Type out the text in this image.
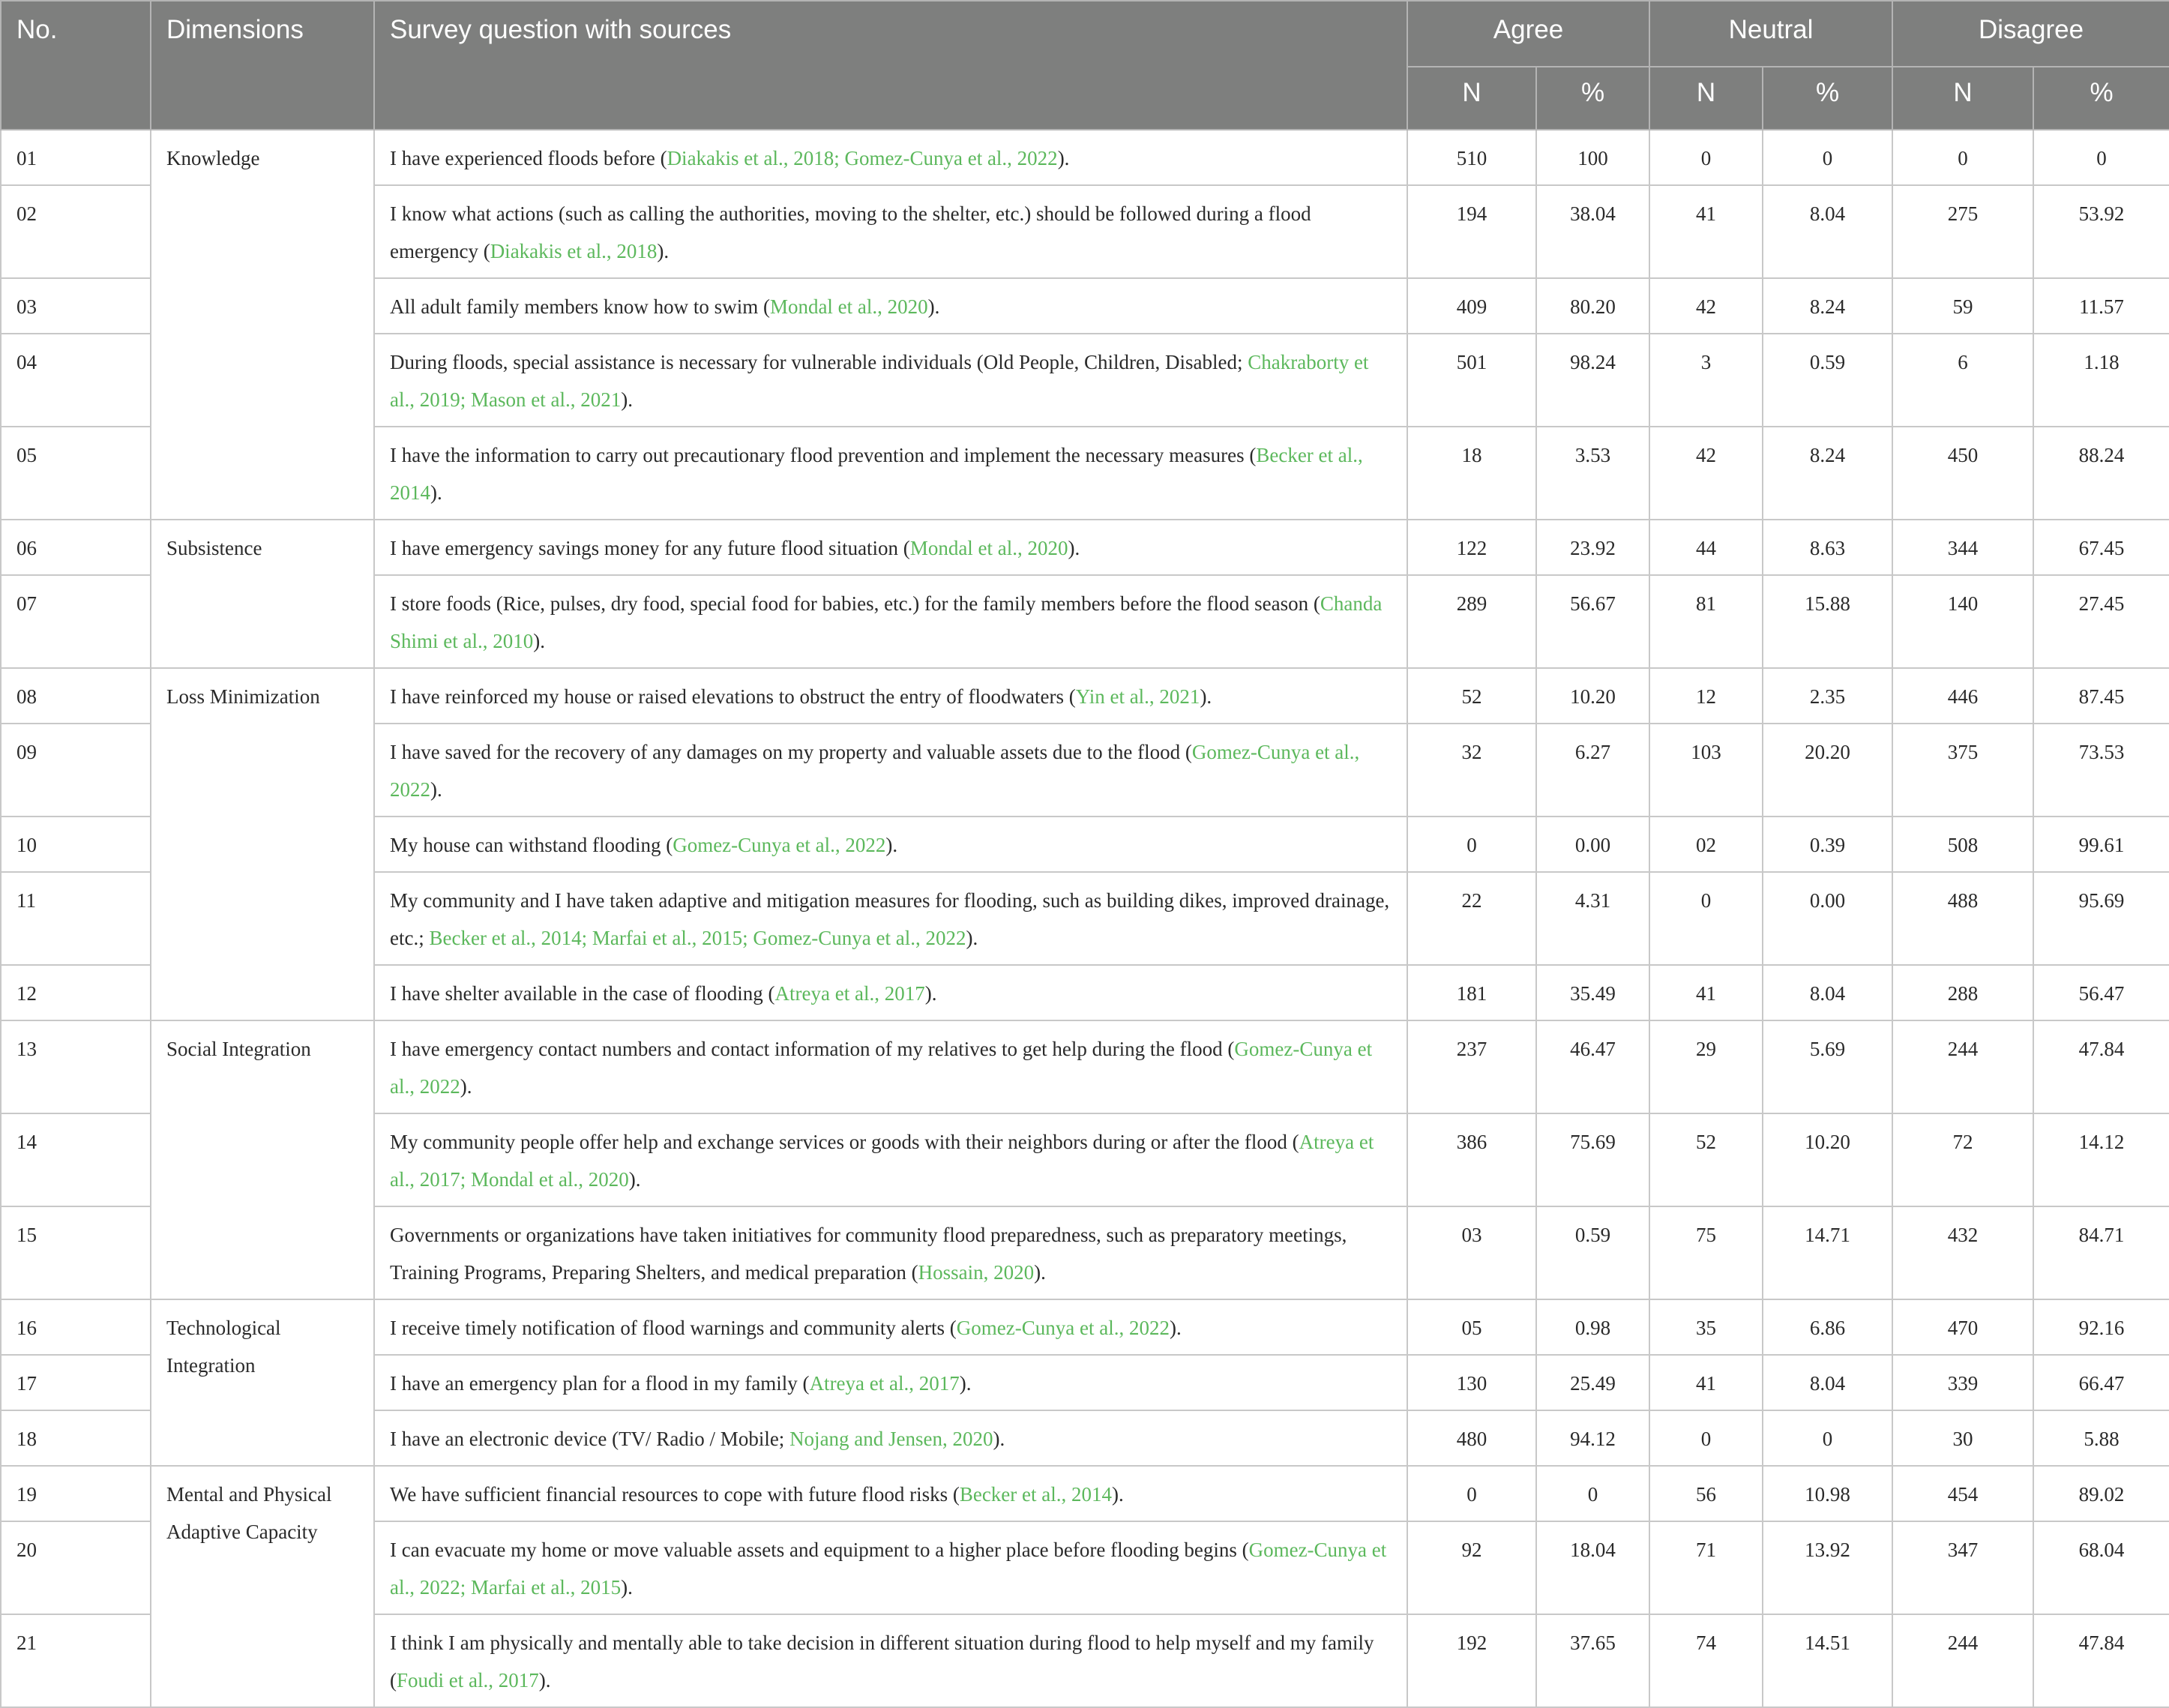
No.	Dimensions	Survey question with sources	Agree		Neutral		Disagree	
			N	%	N	%	N	%
01	Knowledge	I have experienced floods before (Diakakis et al., 2018; Gomez-Cunya et al., 2022).	510	100	0	0	0	0
02		I know what actions (such as calling the authorities, moving to the shelter, etc.) should be followed during a flood emergency (Diakakis et al., 2018).	194	38.04	41	8.04	275	53.92
03		All adult family members know how to swim (Mondal et al., 2020).	409	80.20	42	8.24	59	11.57
04		During floods, special assistance is necessary for vulnerable individuals (Old People, Children, Disabled; Chakraborty et al., 2019; Mason et al., 2021).	501	98.24	3	0.59	6	1.18
05		I have the information to carry out precautionary flood prevention and implement the necessary measures (Becker et al., 2014).	18	3.53	42	8.24	450	88.24
06	Subsistence	I have emergency savings money for any future flood situation (Mondal et al., 2020).	122	23.92	44	8.63	344	67.45
07		I store foods (Rice, pulses, dry food, special food for babies, etc.) for the family members before the flood season (Chanda Shimi et al., 2010).	289	56.67	81	15.88	140	27.45
08	Loss Minimization	I have reinforced my house or raised elevations to obstruct the entry of floodwaters (Yin et al., 2021).	52	10.20	12	2.35	446	87.45
09		I have saved for the recovery of any damages on my property and valuable assets due to the flood (Gomez-Cunya et al., 2022).	32	6.27	103	20.20	375	73.53
10		My house can withstand flooding (Gomez-Cunya et al., 2022).	0	0.00	02	0.39	508	99.61
11		My community and I have taken adaptive and mitigation measures for flooding, such as building dikes, improved drainage, etc.; Becker et al., 2014; Marfai et al., 2015; Gomez-Cunya et al., 2022).	22	4.31	0	0.00	488	95.69
12		I have shelter available in the case of flooding (Atreya et al., 2017).	181	35.49	41	8.04	288	56.47
13	Social Integration	I have emergency contact numbers and contact information of my relatives to get help during the flood (Gomez-Cunya et al., 2022).	237	46.47	29	5.69	244	47.84
14		My community people offer help and exchange services or goods with their neighbors during or after the flood (Atreya et al., 2017; Mondal et al., 2020).	386	75.69	52	10.20	72	14.12
15		Governments or organizations have taken initiatives for community flood preparedness, such as preparatory meetings, Training Programs, Preparing Shelters, and medical preparation (Hossain, 2020).	03	0.59	75	14.71	432	84.71
16	Technological Integration	I receive timely notification of flood warnings and community alerts (Gomez-Cunya et al., 2022).	05	0.98	35	6.86	470	92.16
17		I have an emergency plan for a flood in my family (Atreya et al., 2017).	130	25.49	41	8.04	339	66.47
18		I have an electronic device (TV/ Radio / Mobile; Nojang and Jensen, 2020).	480	94.12	0	0	30	5.88
19	Mental and Physical Adaptive Capacity	We have sufficient financial resources to cope with future flood risks (Becker et al., 2014).	0	0	56	10.98	454	89.02
20		I can evacuate my home or move valuable assets and equipment to a higher place before flooding begins (Gomez-Cunya et al., 2022; Marfai et al., 2015).	92	18.04	71	13.92	347	68.04
21		I think I am physically and mentally able to take decision in different situation during flood to help myself and my family (Foudi et al., 2017).	192	37.65	74	14.51	244	47.84
